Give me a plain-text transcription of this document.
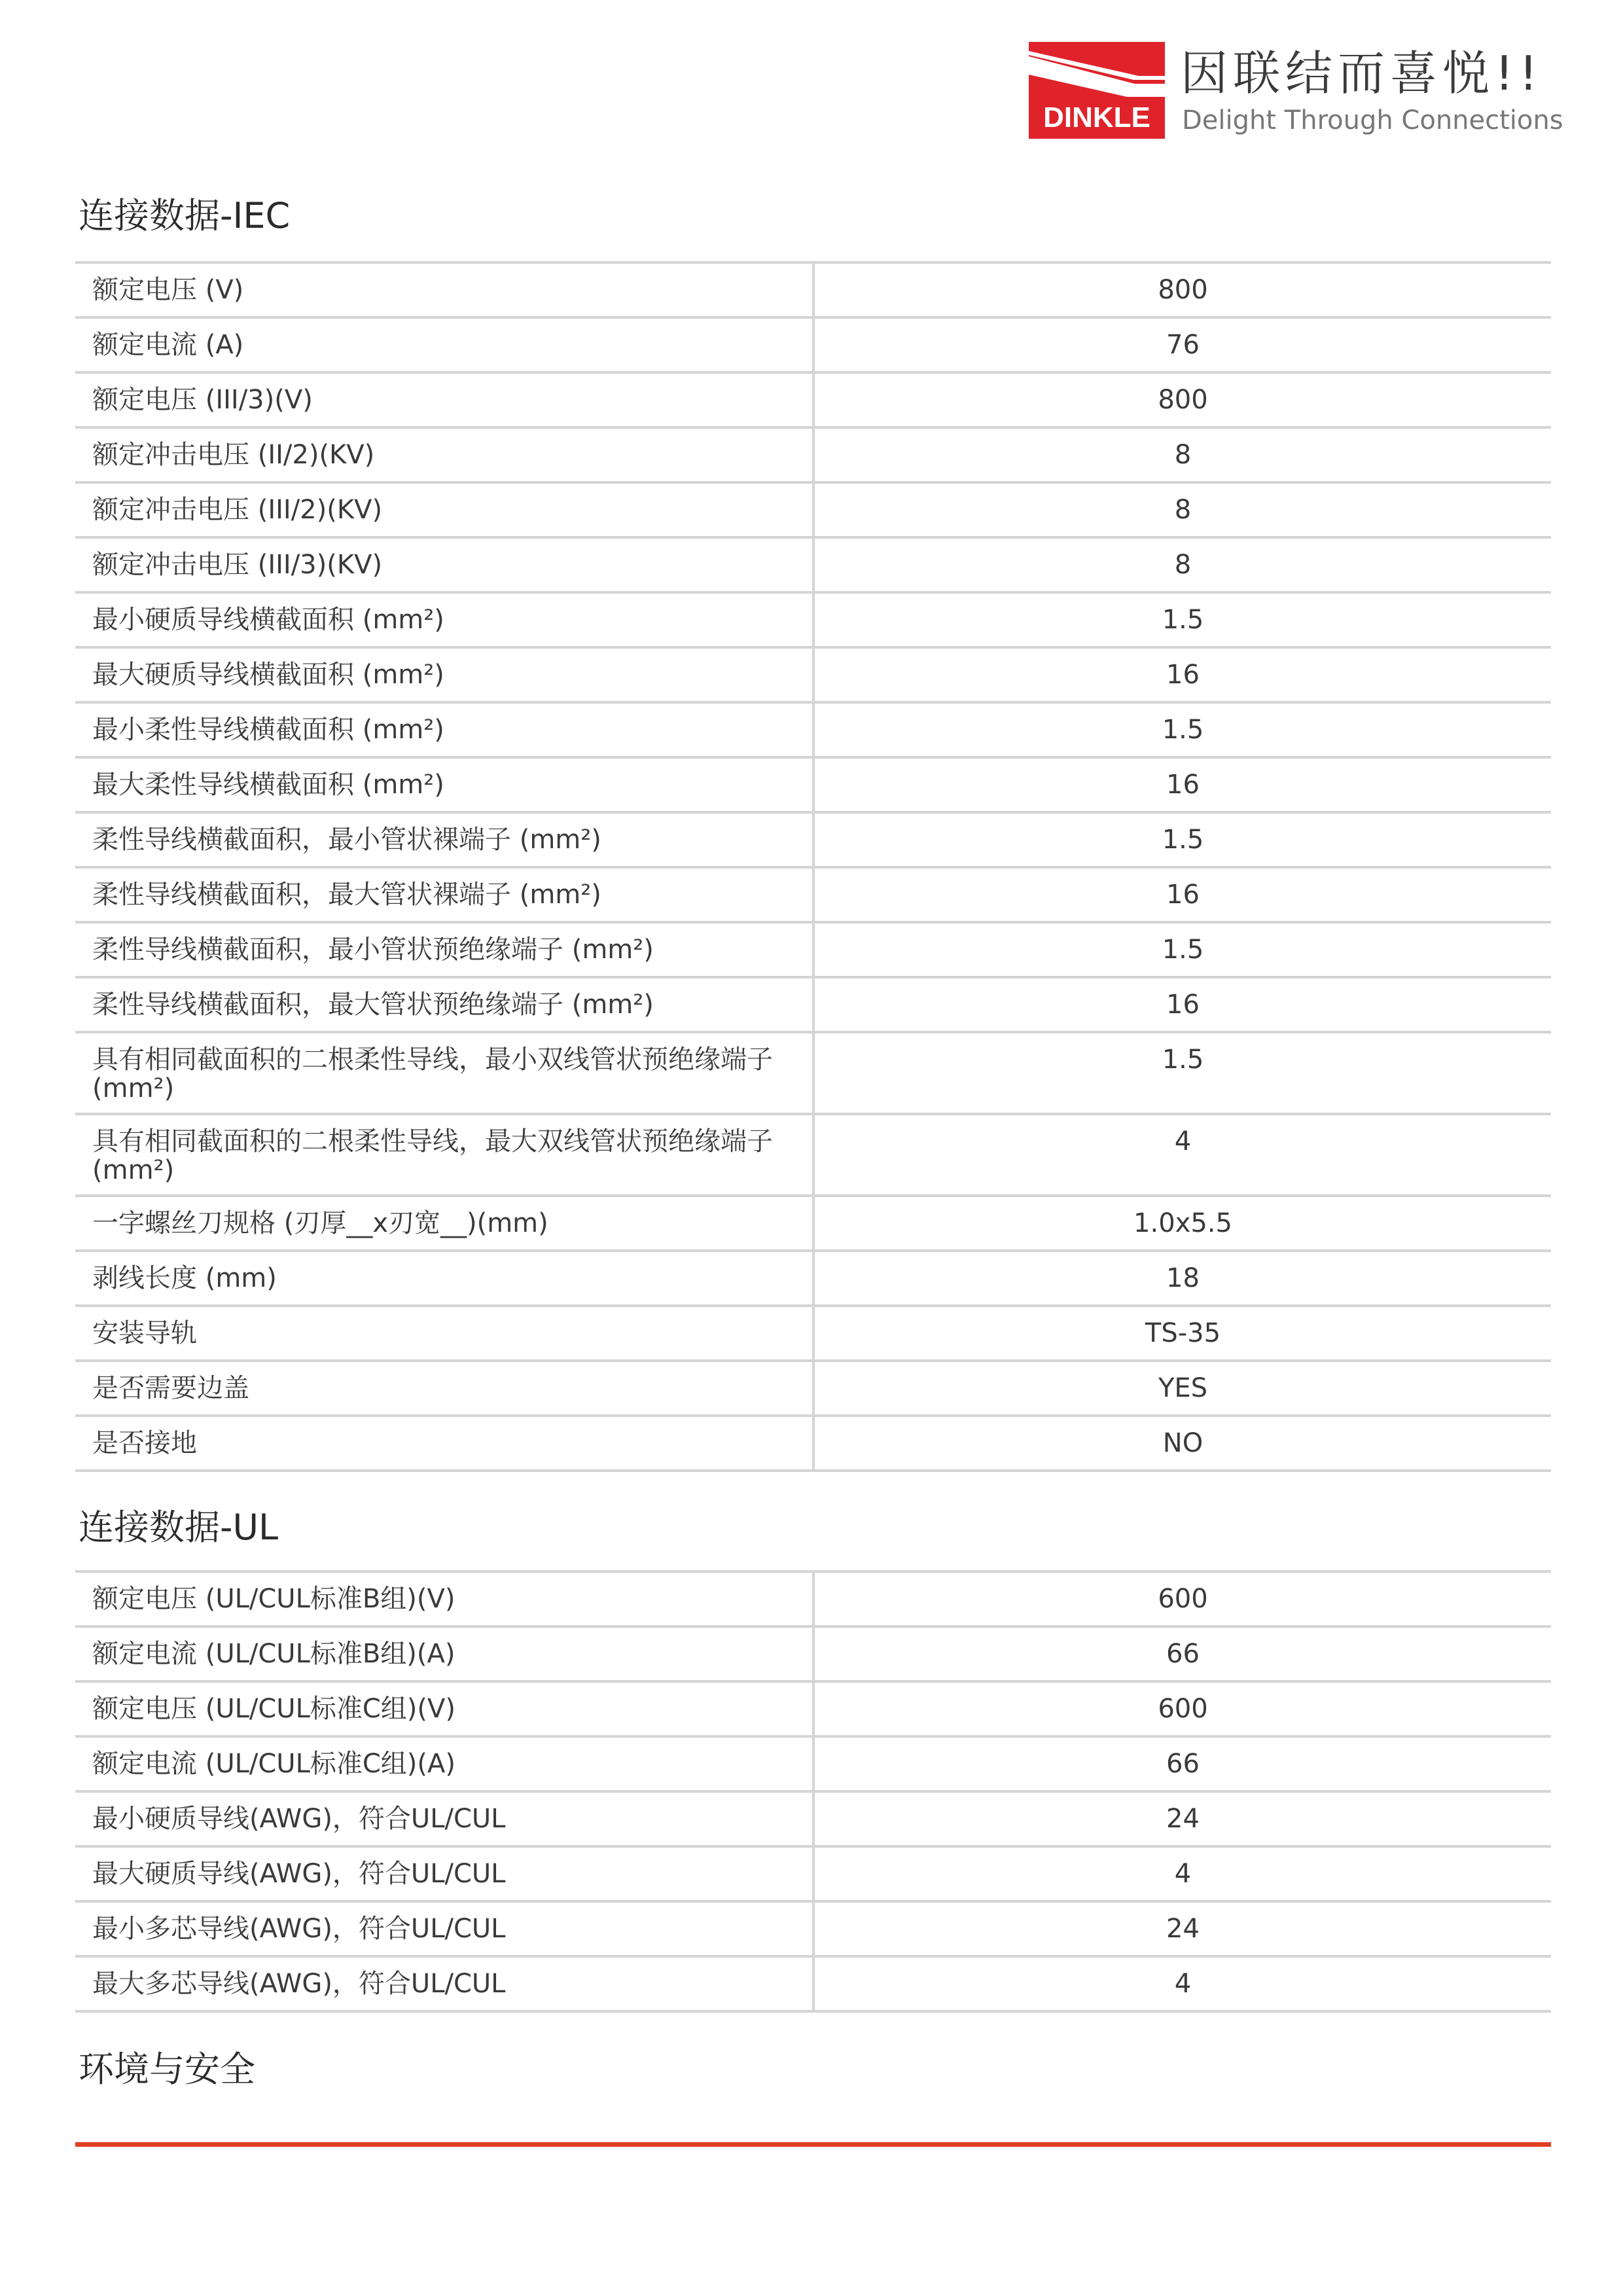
DINKLE
因联结而喜悦!!
Delight Through Connections
连接数据-IEC
额定电压 (V)	800
额定电流 (A)	76
额定电压 (III/3)(V)	800
额定冲击电压 (II/2)(KV)	8
额定冲击电压 (III/2)(KV)	8
额定冲击电压 (III/3)(KV)	8
最小硬质导线横截面积 (mm²)	1.5
最大硬质导线横截面积 (mm²)	16
最小柔性导线横截面积 (mm²)	1.5
最大柔性导线横截面积 (mm²)	16
柔性导线横截面积，最小管状裸端子 (mm²)	1.5
柔性导线横截面积，最大管状裸端子 (mm²)	16
柔性导线横截面积，最小管状预绝缘端子 (mm²)	1.5
柔性导线横截面积，最大管状预绝缘端子 (mm²)	16
具有相同截面积的二根柔性导线，最小双线管状预绝缘端子 (mm²)	1.5
具有相同截面积的二根柔性导线，最大双线管状预绝缘端子 (mm²)	4
一字螺丝刀规格 (刃厚__x刃宽__)(mm)	1.0x5.5
剥线长度 (mm)	18
安装导轨	TS-35
是否需要边盖	YES
是否接地	NO
连接数据-UL
额定电压 (UL/CUL标准B组)(V)	600
额定电流 (UL/CUL标准B组)(A)	66
额定电压 (UL/CUL标准C组)(V)	600
额定电流 (UL/CUL标准C组)(A)	66
最小硬质导线(AWG)，符合UL/CUL	24
最大硬质导线(AWG)，符合UL/CUL	4
最小多芯导线(AWG)，符合UL/CUL	24
最大多芯导线(AWG)，符合UL/CUL	4
环境与安全
